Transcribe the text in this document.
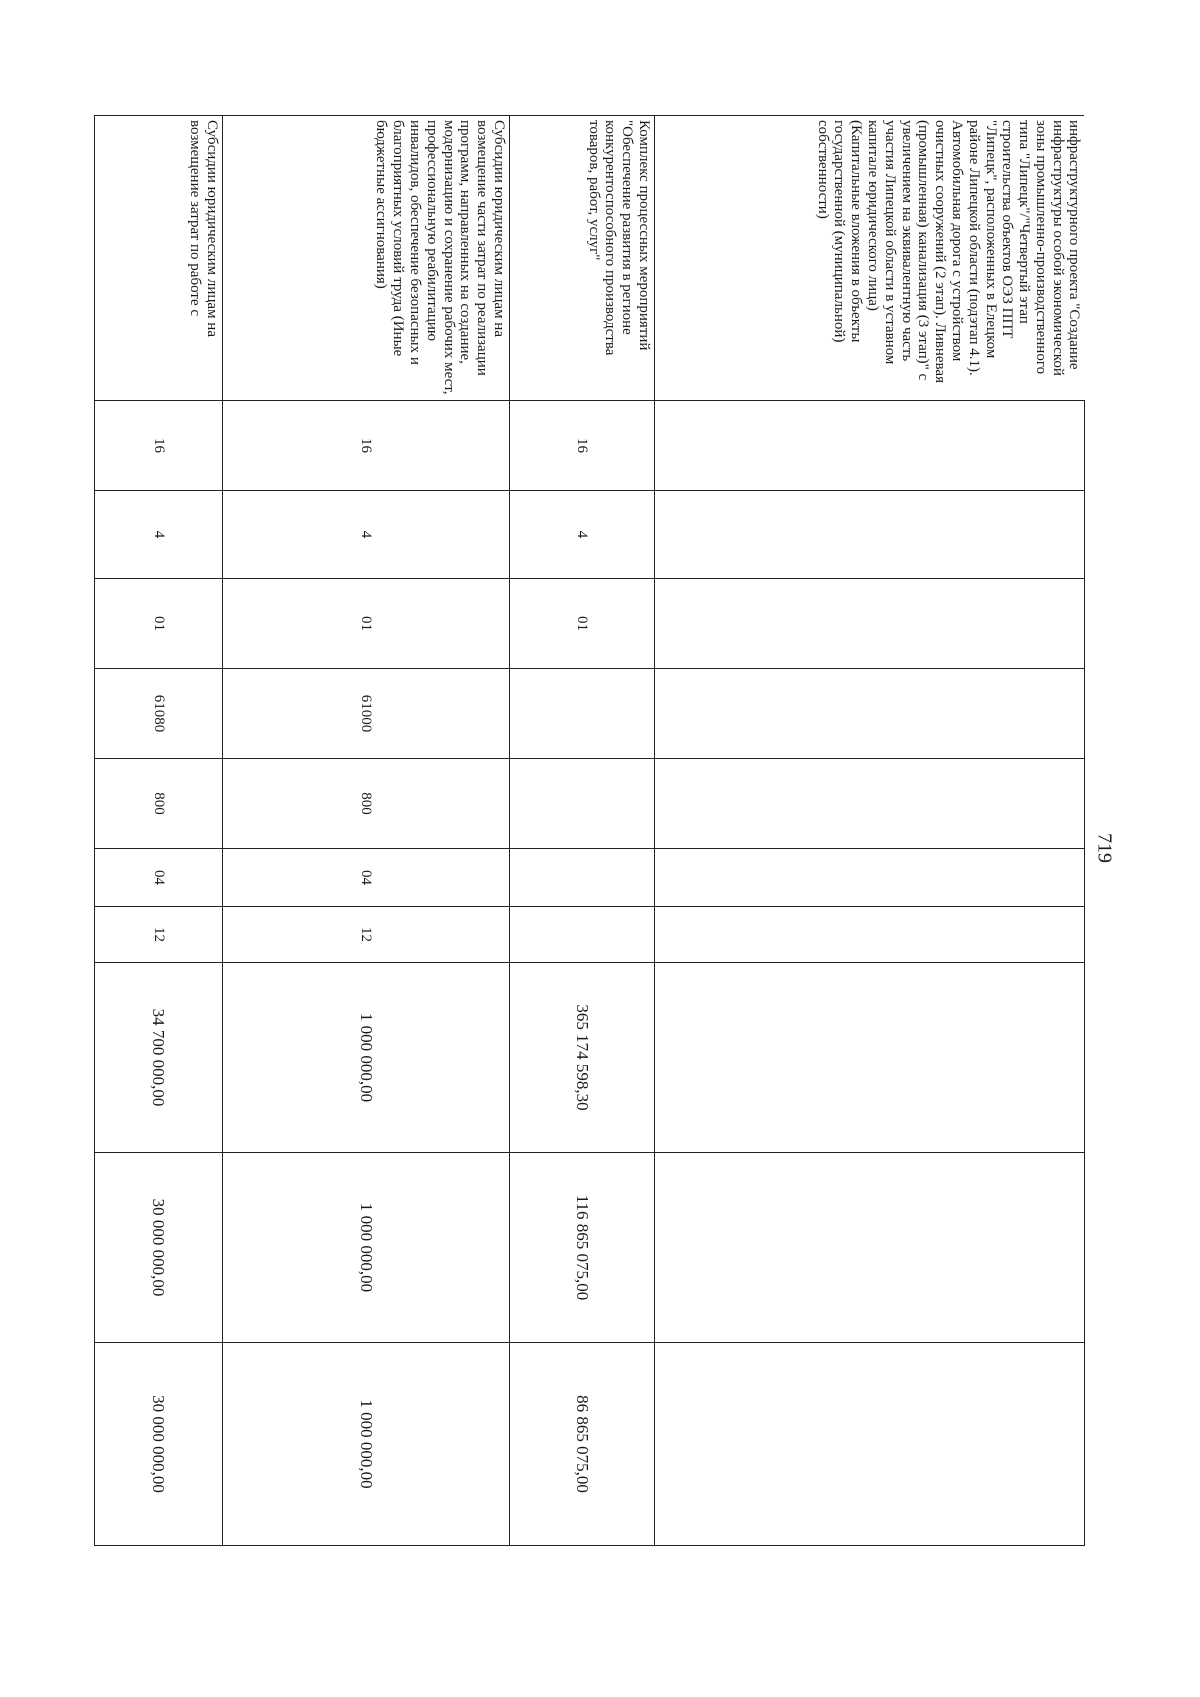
719
инфраструктурного проекта "Создание инфраструктуры особой экономической зоны промышленно-производственного типа "Липецк"/"Четвертый этап строительства объектов ОЭЗ ППТ "Липецк", расположенных в Елецком районе Липецкой области (подэтап 4.1). Автомобильная дорога с устройством очистных сооружений (2 этап). Ливневая (промышленная) канализация (3 этап)" с увеличением на эквивалентную часть участия Липецкой области в уставном капитале юридического лица) (Капитальные вложения в объекты государственной (муниципальной) собственности)										
Комплекс процессных мероприятий "Обеспечение развития в регионе конкурентоспособного производства товаров, работ, услуг"	16	4	01					365 174 598,30	116 865 075,00	86 865 075,00
Субсидии юридическим лицам на возмещение части затрат по реализации программ, направленных на создание, модернизацию и сохранение рабочих мест, профессиональную реабилитацию инвалидов, обеспечение безопасных и благоприятных условий труда (Иные бюджетные ассигнования)	16	4	01	61000	800	04	12	1 000 000,00	1 000 000,00	1 000 000,00

Субсидии юридическим лицам на возмещение затрат по работе с	16	4	01	61080	800	04	12	34 700 000,00	30 000 000,00	30 000 000,00
